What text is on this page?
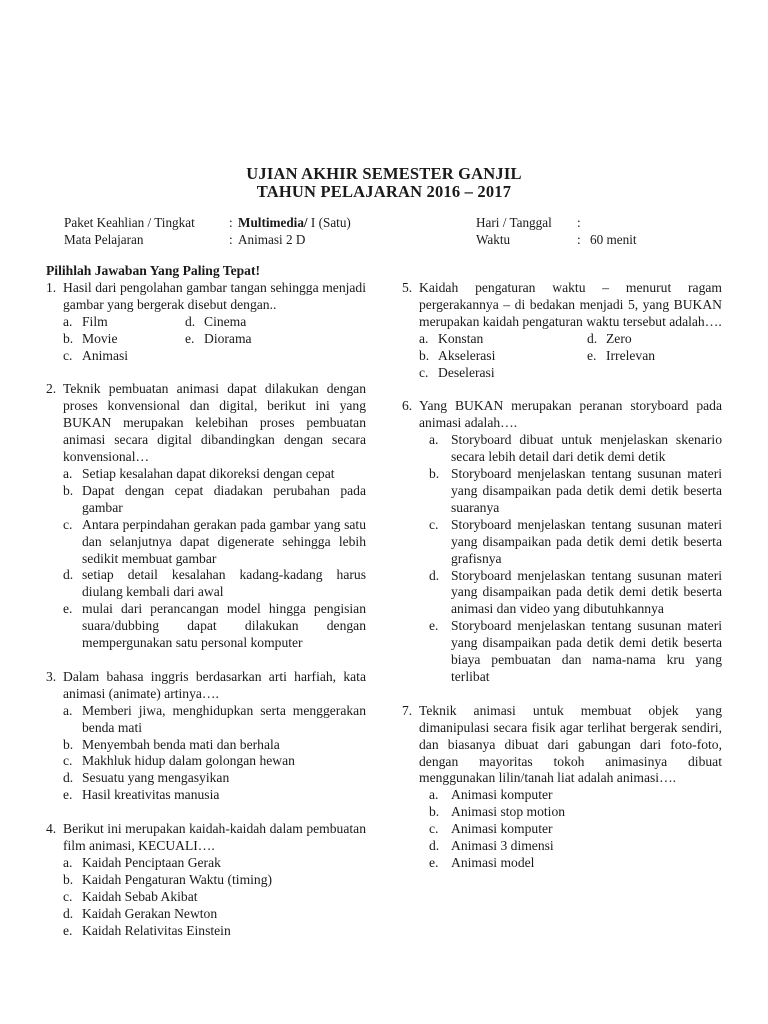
UJIAN AKHIR SEMESTER GANJIL
TAHUN PELAJARAN 2016 – 2017
Paket Keahlian / Tingkat	: Multimedia/ I (Satu)
Mata Pelajaran	: Animasi 2 D
Hari / Tanggal :
Waktu	: 60 menit

Pilihlah Jawaban Yang Paling Tepat!

1. Hasil dari pengolahan gambar tangan sehingga menjadi gambar yang bergerak disebut dengan..
a. Film	d. Cinema
b. Movie	e. Diorama
c. Animasi
2. Teknik pembuatan animasi dapat dilakukan dengan proses konvensional dan digital, berikut ini yang BUKAN merupakan kelebihan proses pembuatan animasi secara digital dibandingkan dengan secara konvensional…
a. Setiap kesalahan dapat dikoreksi dengan cepat
b. Dapat dengan cepat diadakan perubahan pada gambar
c. Antara perpindahan gerakan pada gambar yang satu dan selanjutnya dapat digenerate sehingga lebih sedikit membuat gambar
d. setiap detail kesalahan kadang-kadang harus diulang kembali dari awal
e. mulai dari perancangan model hingga pengisian suara/dubbing dapat dilakukan dengan mempergunakan satu personal komputer
3. Dalam bahasa inggris berdasarkan arti harfiah, kata animasi (animate) artinya….
a. Memberi jiwa, menghidupkan serta menggerakan benda mati
b. Menyembah benda mati dan berhala
c. Makhluk hidup dalam golongan hewan
d. Sesuatu yang mengasyikan
e. Hasil kreativitas manusia
4. Berikut ini merupakan kaidah-kaidah dalam pembuatan film animasi, KECUALI….
a. Kaidah Penciptaan Gerak
b. Kaidah Pengaturan Waktu (timing)
c. Kaidah Sebab Akibat
d. Kaidah Gerakan Newton
e. Kaidah Relativitas Einstein
5. Kaidah pengaturan waktu – menurut ragam pergerakannya – di bedakan menjadi 5, yang BUKAN merupakan kaidah pengaturan waktu tersebut adalah….
a. Konstan	d. Zero
b. Akselerasi	e. Irrelevan
c. Deselerasi
6. Yang BUKAN merupakan peranan storyboard pada animasi adalah….
a. Storyboard dibuat untuk menjelaskan skenario secara lebih detail dari detik demi detik
b. Storyboard menjelaskan tentang susunan materi yang disampaikan pada detik demi detik beserta suaranya
c. Storyboard menjelaskan tentang susunan materi yang disampaikan pada detik demi detik beserta grafisnya
d. Storyboard menjelaskan tentang susunan materi yang disampaikan pada detik demi detik beserta animasi dan video yang dibutuhkannya
e. Storyboard menjelaskan tentang susunan materi yang disampaikan pada detik demi detik beserta biaya pembuatan dan nama-nama kru yang terlibat
7. Teknik animasi untuk membuat objek yang dimanipulasi secara fisik agar terlihat bergerak sendiri, dan biasanya dibuat dari gabungan dari foto-foto, dengan mayoritas tokoh animasinya dibuat menggunakan lilin/tanah liat adalah animasi….
a. Animasi komputer
b. Animasi stop motion
c. Animasi komputer
d. Animasi 3 dimensi
e. Animasi model
